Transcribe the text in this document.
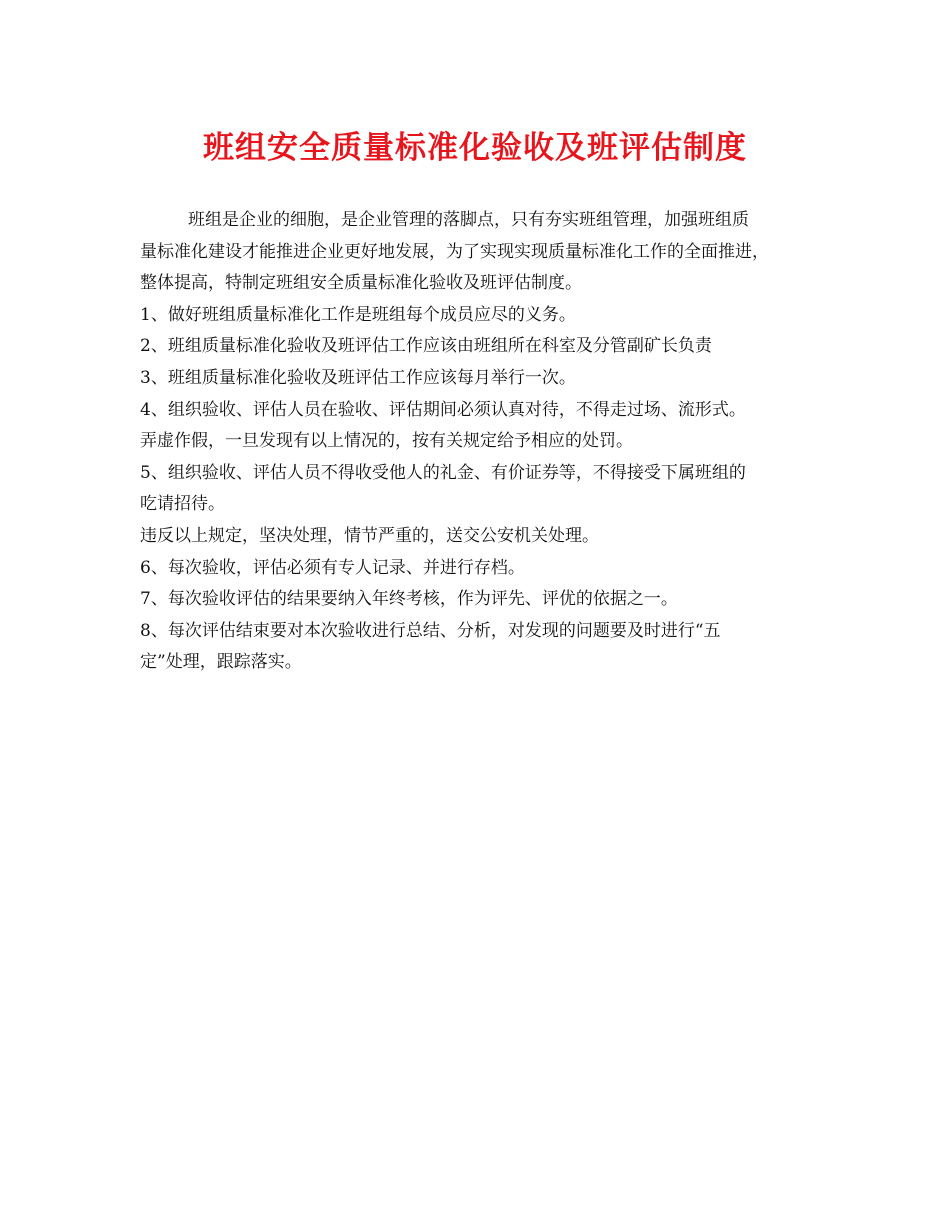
班组安全质量标准化验收及班评估制度

班组是企业的细胞，是企业管理的落脚点，只有夯实班组管理，加强班组质

量标准化建设才能推进企业更好地发展，为了实现实现质量标准化工作的全面推进，

整体提高，特制定班组安全质量标准化验收及班评估制度。

1、做好班组质量标准化工作是班组每个成员应尽的义务。

2、班组质量标准化验收及班评估工作应该由班组所在科室及分管副矿长负责

3、班组质量标准化验收及班评估工作应该每月举行一次。

4、组织验收、评估人员在验收、评估期间必须认真对待，不得走过场、流形式。

弄虚作假，一旦发现有以上情况的，按有关规定给予相应的处罚。

5、组织验收、评估人员不得收受他人的礼金、有价证券等，不得接受下属班组的

吃请招待。

违反以上规定，坚决处理，情节严重的，送交公安机关处理。

6、每次验收，评估必须有专人记录、并进行存档。

7、每次验收评估的结果要纳入年终考核，作为评先、评优的依据之一。

8、每次评估结束要对本次验收进行总结、分析，对发现的问题要及时进行“五

定”处理，跟踪落实。
